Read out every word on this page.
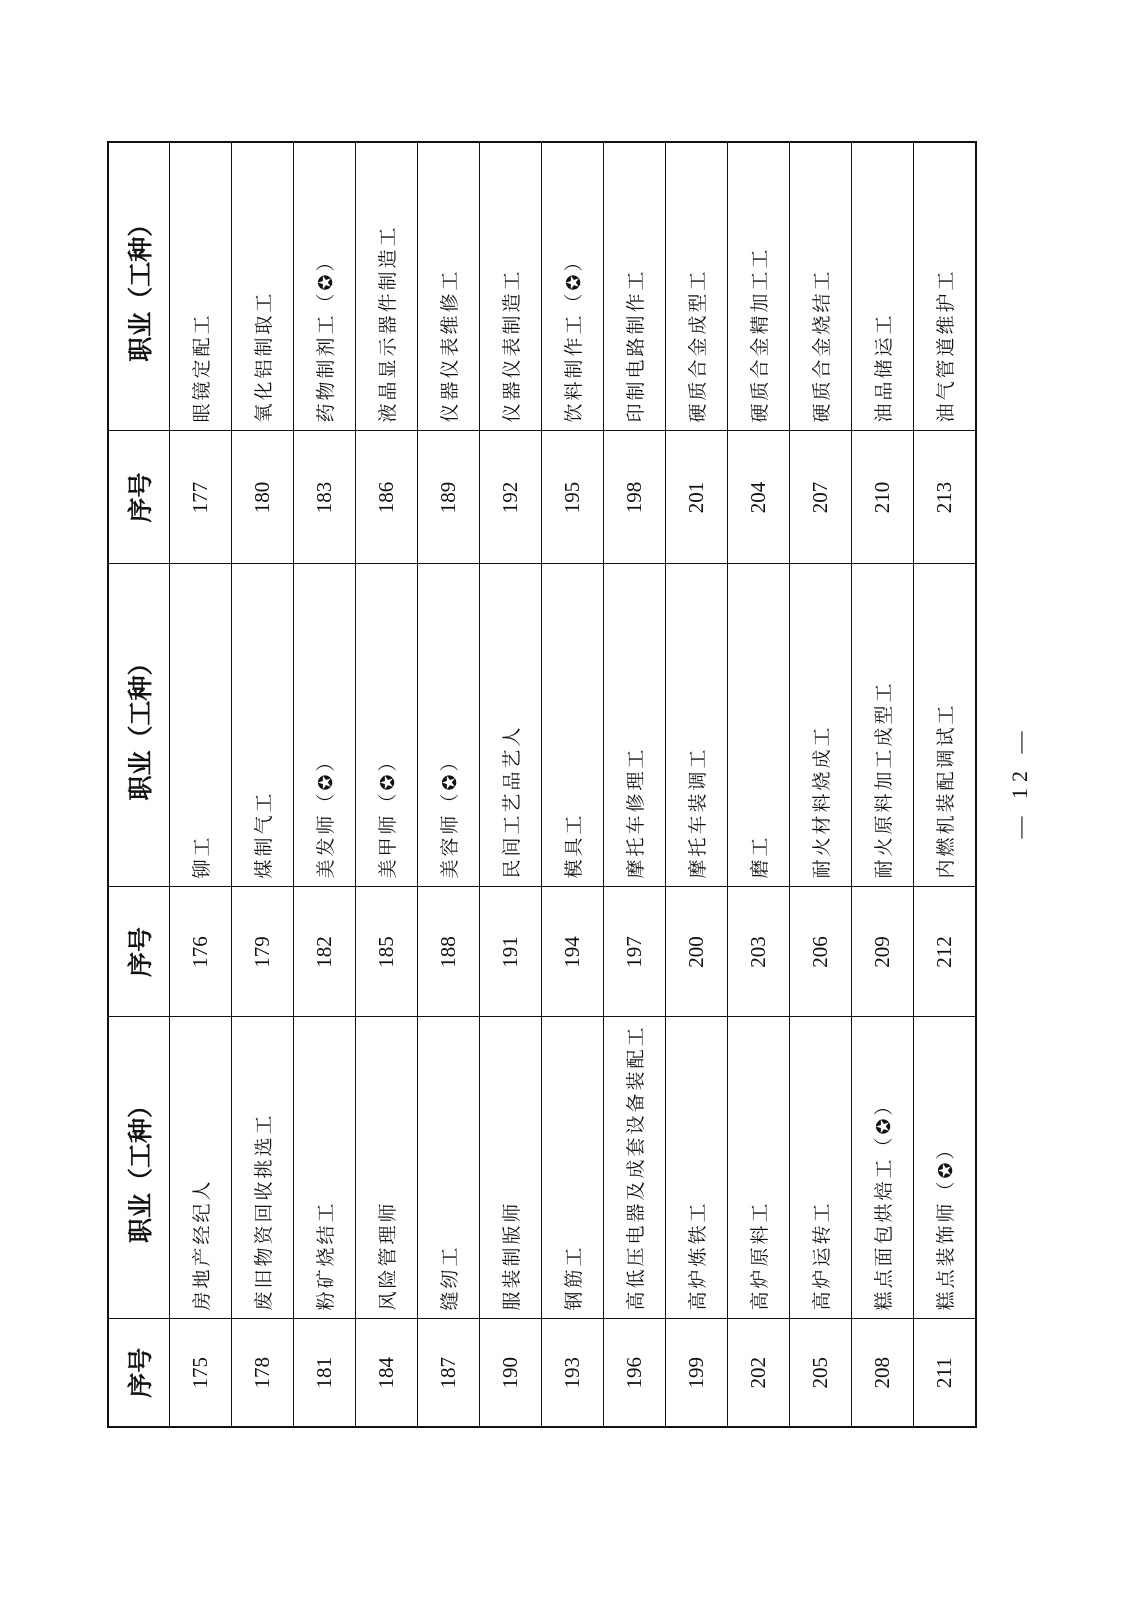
序号	职业（工种）	序号	职业（工种）	序号	职业（工种）
175	房地产经纪人	176	铆工	177	眼镜定配工
178	废旧物资回收挑选工	179	煤制气工	180	氧化铝制取工
181	粉矿烧结工	182	美发师（✪）	183	药物制剂工（✪）
184	风险管理师	185	美甲师（✪）	186	液晶显示器件制造工
187	缝纫工	188	美容师（✪）	189	仪器仪表维修工
190	服装制版师	191	民间工艺品艺人	192	仪器仪表制造工
193	钢筋工	194	模具工	195	饮料制作工（✪）
196	高低压电器及成套设备装配工	197	摩托车修理工	198	印制电路制作工
199	高炉炼铁工	200	摩托车装调工	201	硬质合金成型工
202	高炉原料工	203	磨工	204	硬质合金精加工工
205	高炉运转工	206	耐火材料烧成工	207	硬质合金烧结工
208	糕点面包烘焙工（✪）	209	耐火原料加工成型工	210	油品储运工
211	糕点装饰师（✪）	212	内燃机装配调试工	213	油气管道维护工
— 12 —
